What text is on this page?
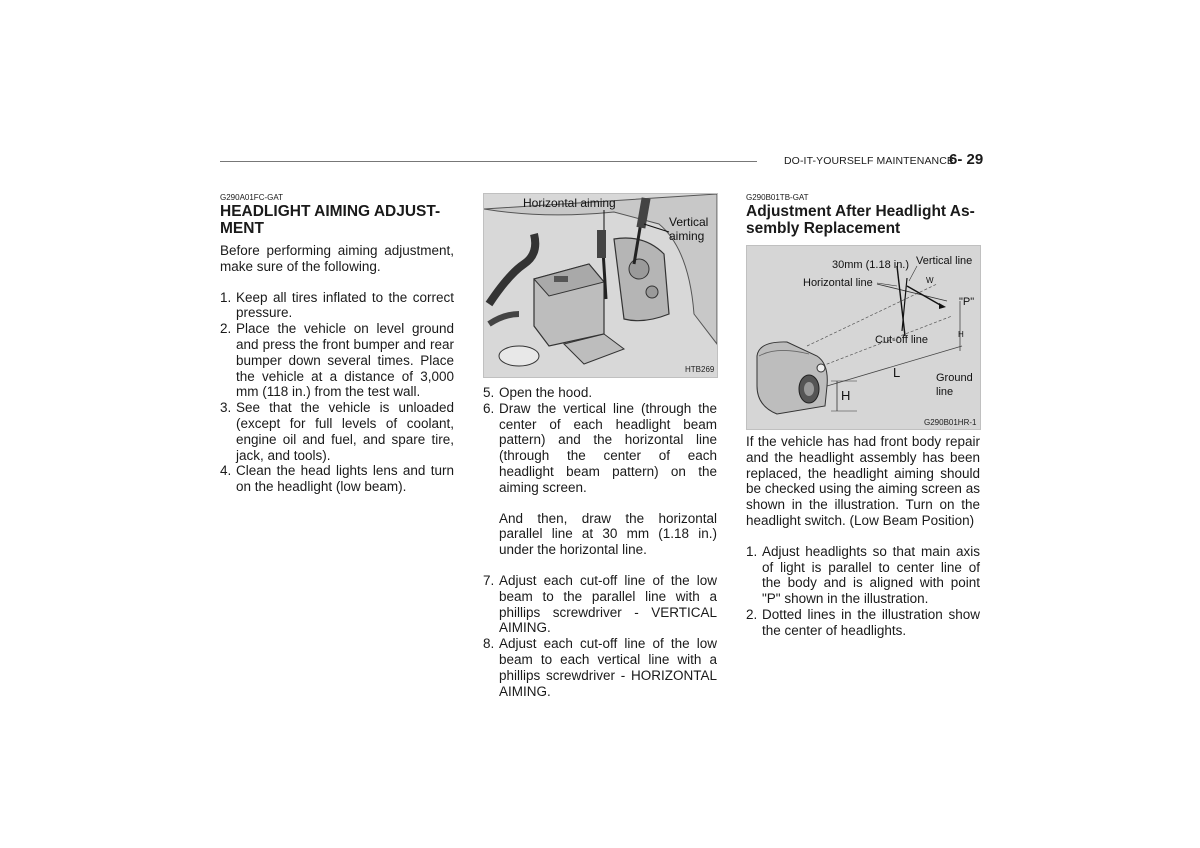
DO-IT-YOURSELF MAINTENANCE
6- 29
G290A01FC-GAT
HEADLIGHT AIMING ADJUST-
MENT

Before performing aiming adjustment, make sure of the following.

1. Keep all tires inflated to the correct pressure.
2. Place the vehicle on level ground and press the front bumper and rear bumper down several times. Place the vehicle at a distance of 3,000 mm (118 in.) from the test wall.
3. See that the vehicle is unloaded (except for full levels of coolant, engine oil and fuel, and spare tire, jack, and tools).
4. Clean the head lights lens and turn on the headlight (low beam).
Horizontal aiming
Vertical aiming
HTB269
5. Open the hood.
6. Draw the vertical line (through the center of each headlight beam pattern) and the horizontal line (through the center of each headlight beam pattern) on the aiming screen.

And then, draw the horizontal parallel line at 30 mm (1.18 in.) under the horizontal line.

7. Adjust each cut-off line of the low beam to the parallel line with a phillips screwdriver - VERTICAL AIMING.
8. Adjust each cut-off line of the low beam to each vertical line with a phillips screwdriver - HORIZONTAL AIMING.
G290B01TB-GAT
Adjustment After Headlight As-
sembly Replacement
30mm (1.18 in.) Vertical line
Horizontal line	W
"P"
H
Cut-off line
L	Ground line
H
G290B01HR-1

If the vehicle has had front body repair and the headlight assembly has been replaced, the headlight aiming should be checked using the aiming screen as shown in the illustration. Turn on the headlight switch. (Low Beam Position)

1. Adjust headlights so that main axis of light is parallel to center line of the body and is aligned with point "P" shown in the illustration.
2. Dotted lines in the illustration show the center of headlights.
